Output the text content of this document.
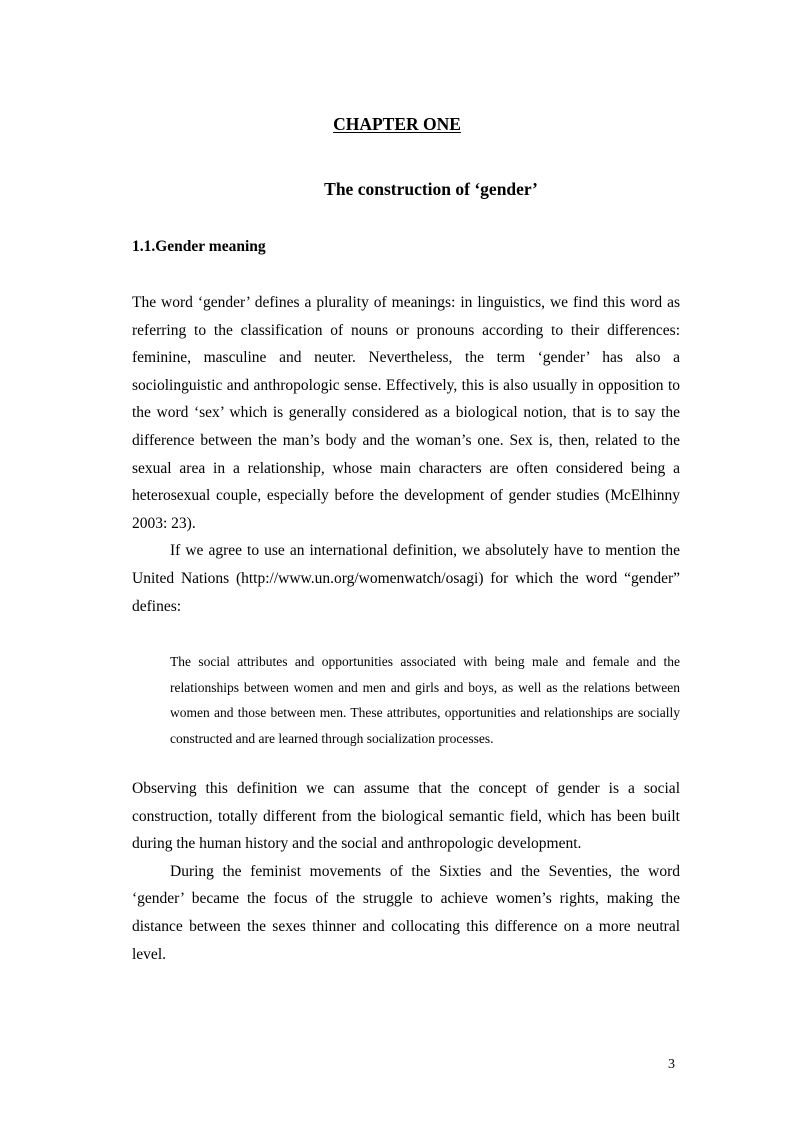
CHAPTER ONE
The construction of ‘gender’
1.1.Gender meaning

The word ‘gender’ defines a plurality of meanings: in linguistics, we find this word as referring to the classification of nouns or pronouns according to their differences: feminine, masculine and neuter. Nevertheless, the term ‘gender’ has also a sociolinguistic and anthropologic sense. Effectively, this is also usually in opposition to the word ‘sex’ which is generally considered as a biological notion, that is to say the difference between the man’s body and the woman’s one. Sex is, then, related to the sexual area in a relationship, whose main characters are often considered being a heterosexual couple, especially before the development of gender studies (McElhinny 2003: 23).

If we agree to use an international definition, we absolutely have to mention the United Nations (http://www.un.org/womenwatch/osagi) for which the word “gender” defines:

The social attributes and opportunities associated with being male and female and the relationships between women and men and girls and boys, as well as the relations between women and those between men. These attributes, opportunities and relationships are socially constructed and are learned through socialization processes.

Observing this definition we can assume that the concept of gender is a social construction, totally different from the biological semantic field, which has been built during the human history and the social and anthropologic development.

During the feminist movements of the Sixties and the Seventies, the word ‘gender’ became the focus of the struggle to achieve women’s rights, making the distance between the sexes thinner and collocating this difference on a more neutral level.

3
